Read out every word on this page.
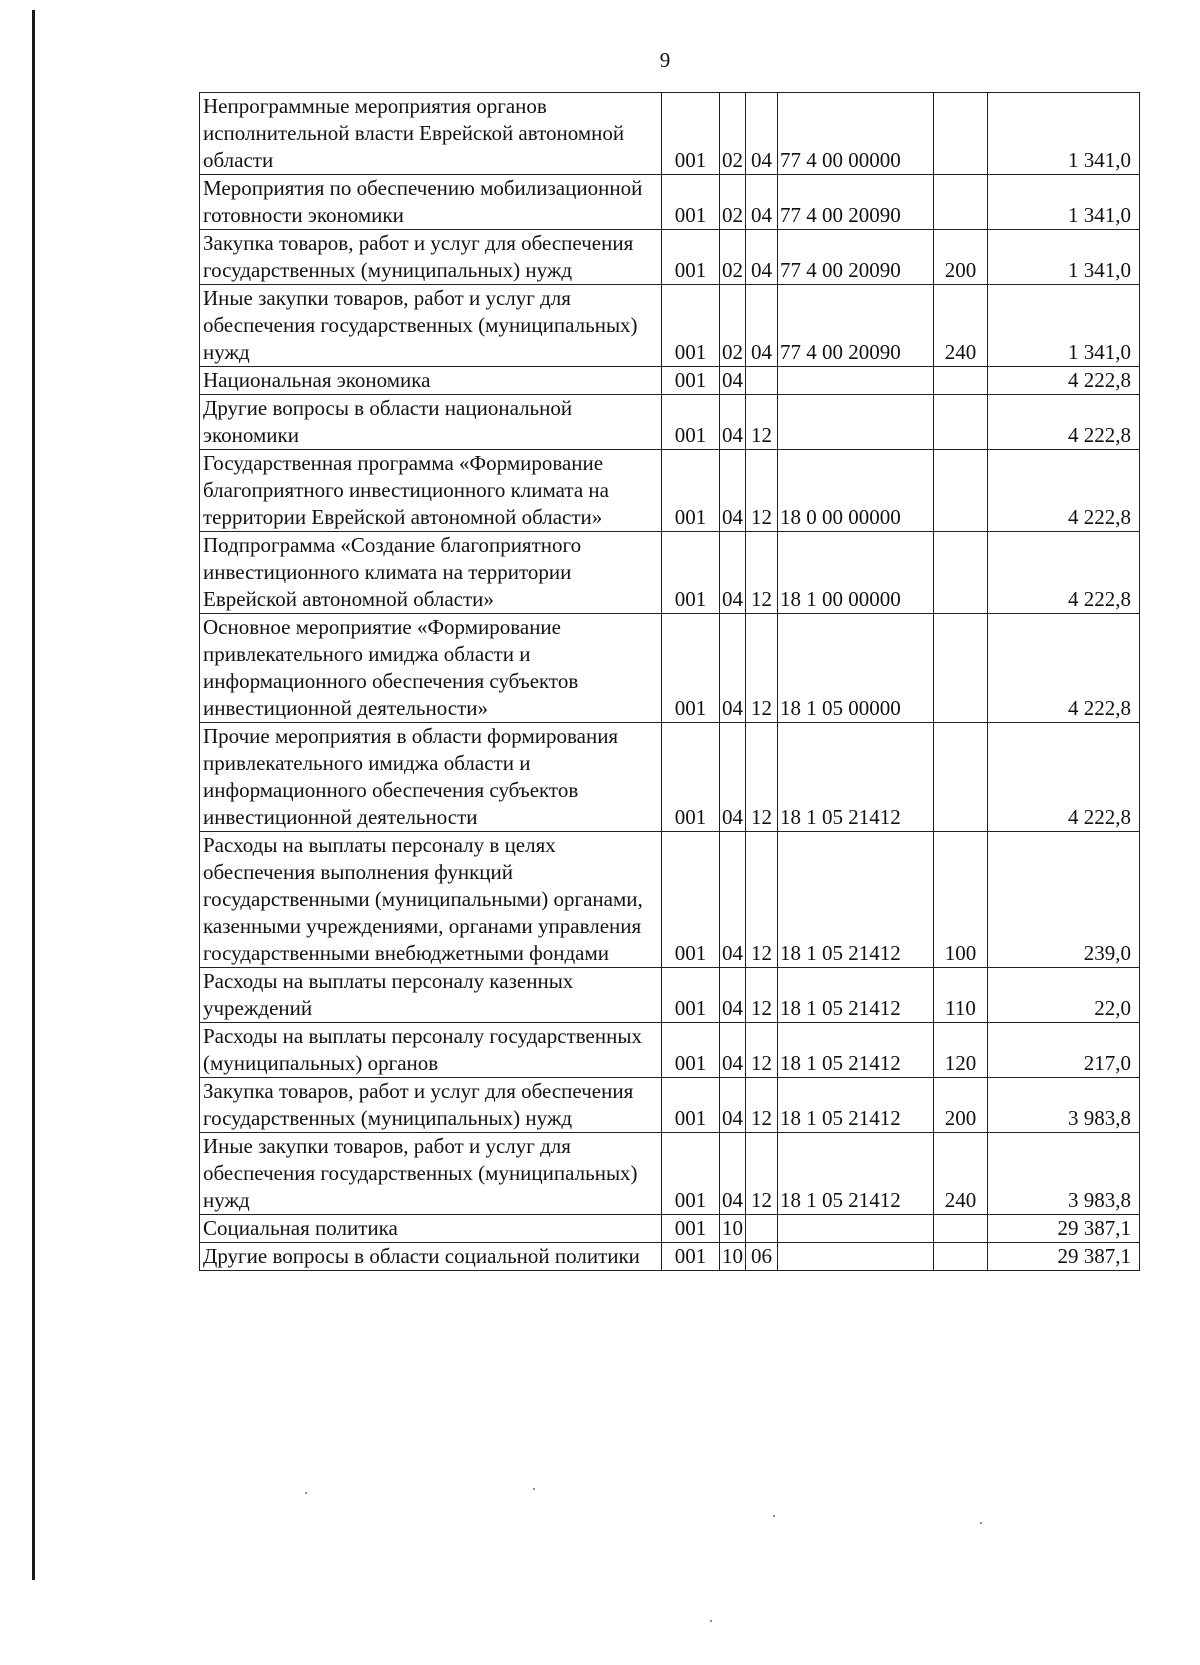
9
Непрограммные мероприятия органов исполнительной власти Еврейской автономной области	001	02	04	77 4 00 00000		1 341,0
Мероприятия по обеспечению мобилизационной готовности экономики	001	02	04	77 4 00 20090		1 341,0
Закупка товаров, работ и услуг для обеспечения государственных (муниципальных) нужд	001	02	04	77 4 00 20090	200	1 341,0
Иные закупки товаров, работ и услуг для обеспечения государственных (муниципальных) нужд	001	02	04	77 4 00 20090	240	1 341,0
Национальная экономика	001	04				4 222,8
Другие вопросы в области национальной экономики	001	04	12			4 222,8
Государственная программа «Формирование благоприятного инвестиционного климата на территории Еврейской автономной области»	001	04	12	18 0 00 00000		4 222,8
Подпрограмма «Создание благоприятного инвестиционного климата на территории Еврейской автономной области»	001	04	12	18 1 00 00000		4 222,8
Основное мероприятие «Формирование привлекательного имиджа области и информационного обеспечения субъектов инвестиционной деятельности»	001	04	12	18 1 05 00000		4 222,8
Прочие мероприятия в области формирования привлекательного имиджа области и информационного обеспечения субъектов инвестиционной деятельности	001	04	12	18 1 05 21412		4 222,8
Расходы на выплаты персоналу в целях обеспечения выполнения функций государственными (муниципальными) органами, казенными учреждениями, органами управления государственными внебюджетными фондами	001	04	12	18 1 05 21412	100	239,0
Расходы на выплаты персоналу казенных учреждений	001	04	12	18 1 05 21412	110	22,0
Расходы на выплаты персоналу государственных (муниципальных) органов	001	04	12	18 1 05 21412	120	217,0
Закупка товаров, работ и услуг для обеспечения государственных (муниципальных) нужд	001	04	12	18 1 05 21412	200	3 983,8
Иные закупки товаров, работ и услуг для обеспечения государственных (муниципальных) нужд	001	04	12	18 1 05 21412	240	3 983,8
Социальная политика	001	10				29 387,1
Другие вопросы в области социальной политики	001	10	06			29 387,1
